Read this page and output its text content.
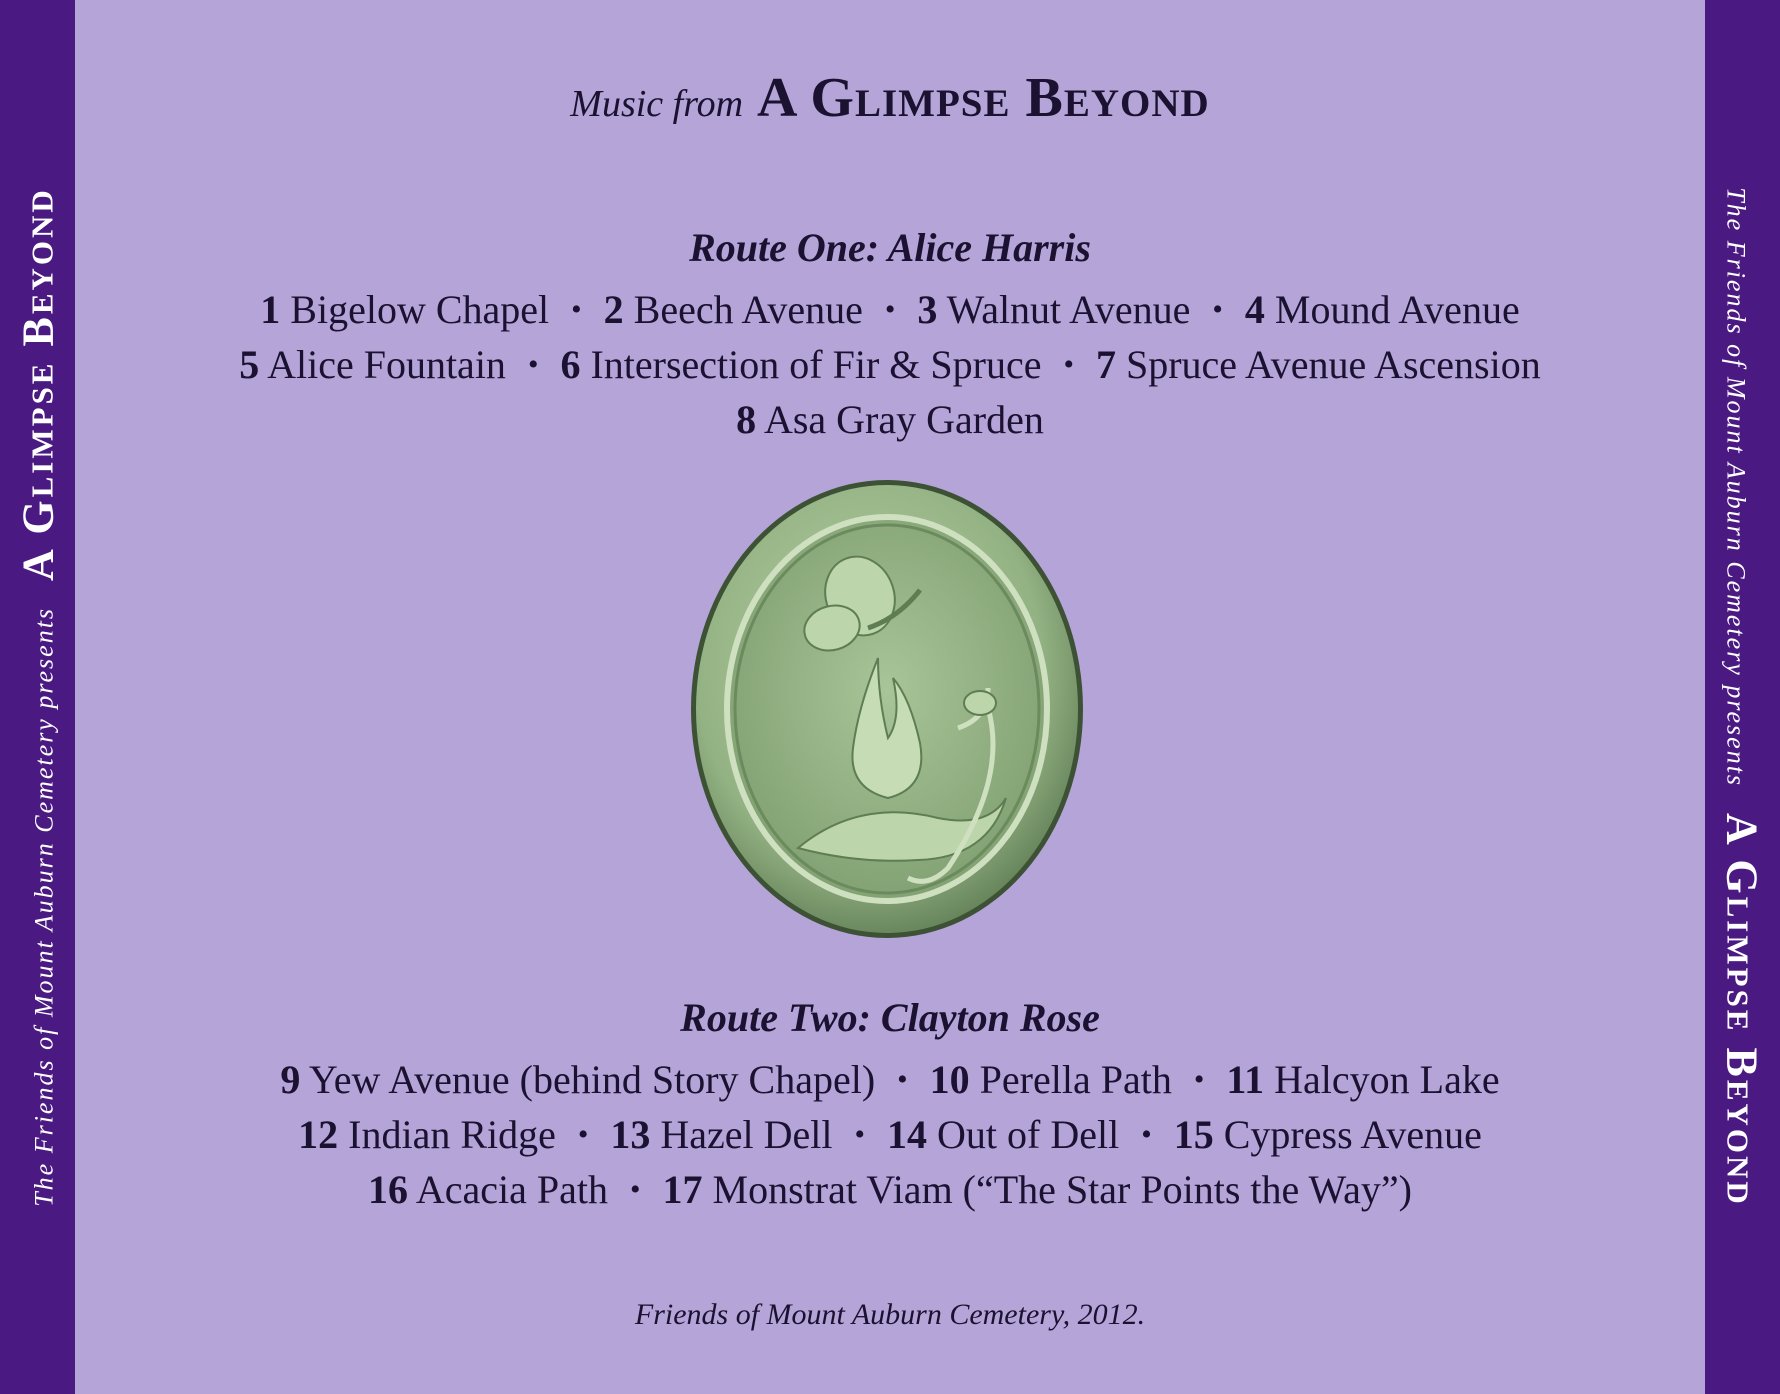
The Friends of Mount Auburn Cemetery presents
A Glimpse Beyond	The Friends of Mount Auburn Cemetery presents
A Glimpse Beyond
Music from A Glimpse Beyond
Route One: Alice Harris
1 Bigelow Chapel • 2 Beech Avenue • 3 Walnut Avenue • 4 Mound Avenue
5 Alice Fountain • 6 Intersection of Fir & Spruce • 7 Spruce Avenue Ascension
8 Asa Gray Garden
Route Two: Clayton Rose
9 Yew Avenue (behind Story Chapel) • 10 Perella Path • 11 Halcyon Lake
12 Indian Ridge • 13 Hazel Dell • 14 Out of Dell • 15 Cypress Avenue
16 Acacia Path • 17 Monstrat Viam (“The Star Points the Way”)
Friends of Mount Auburn Cemetery, 2012.
